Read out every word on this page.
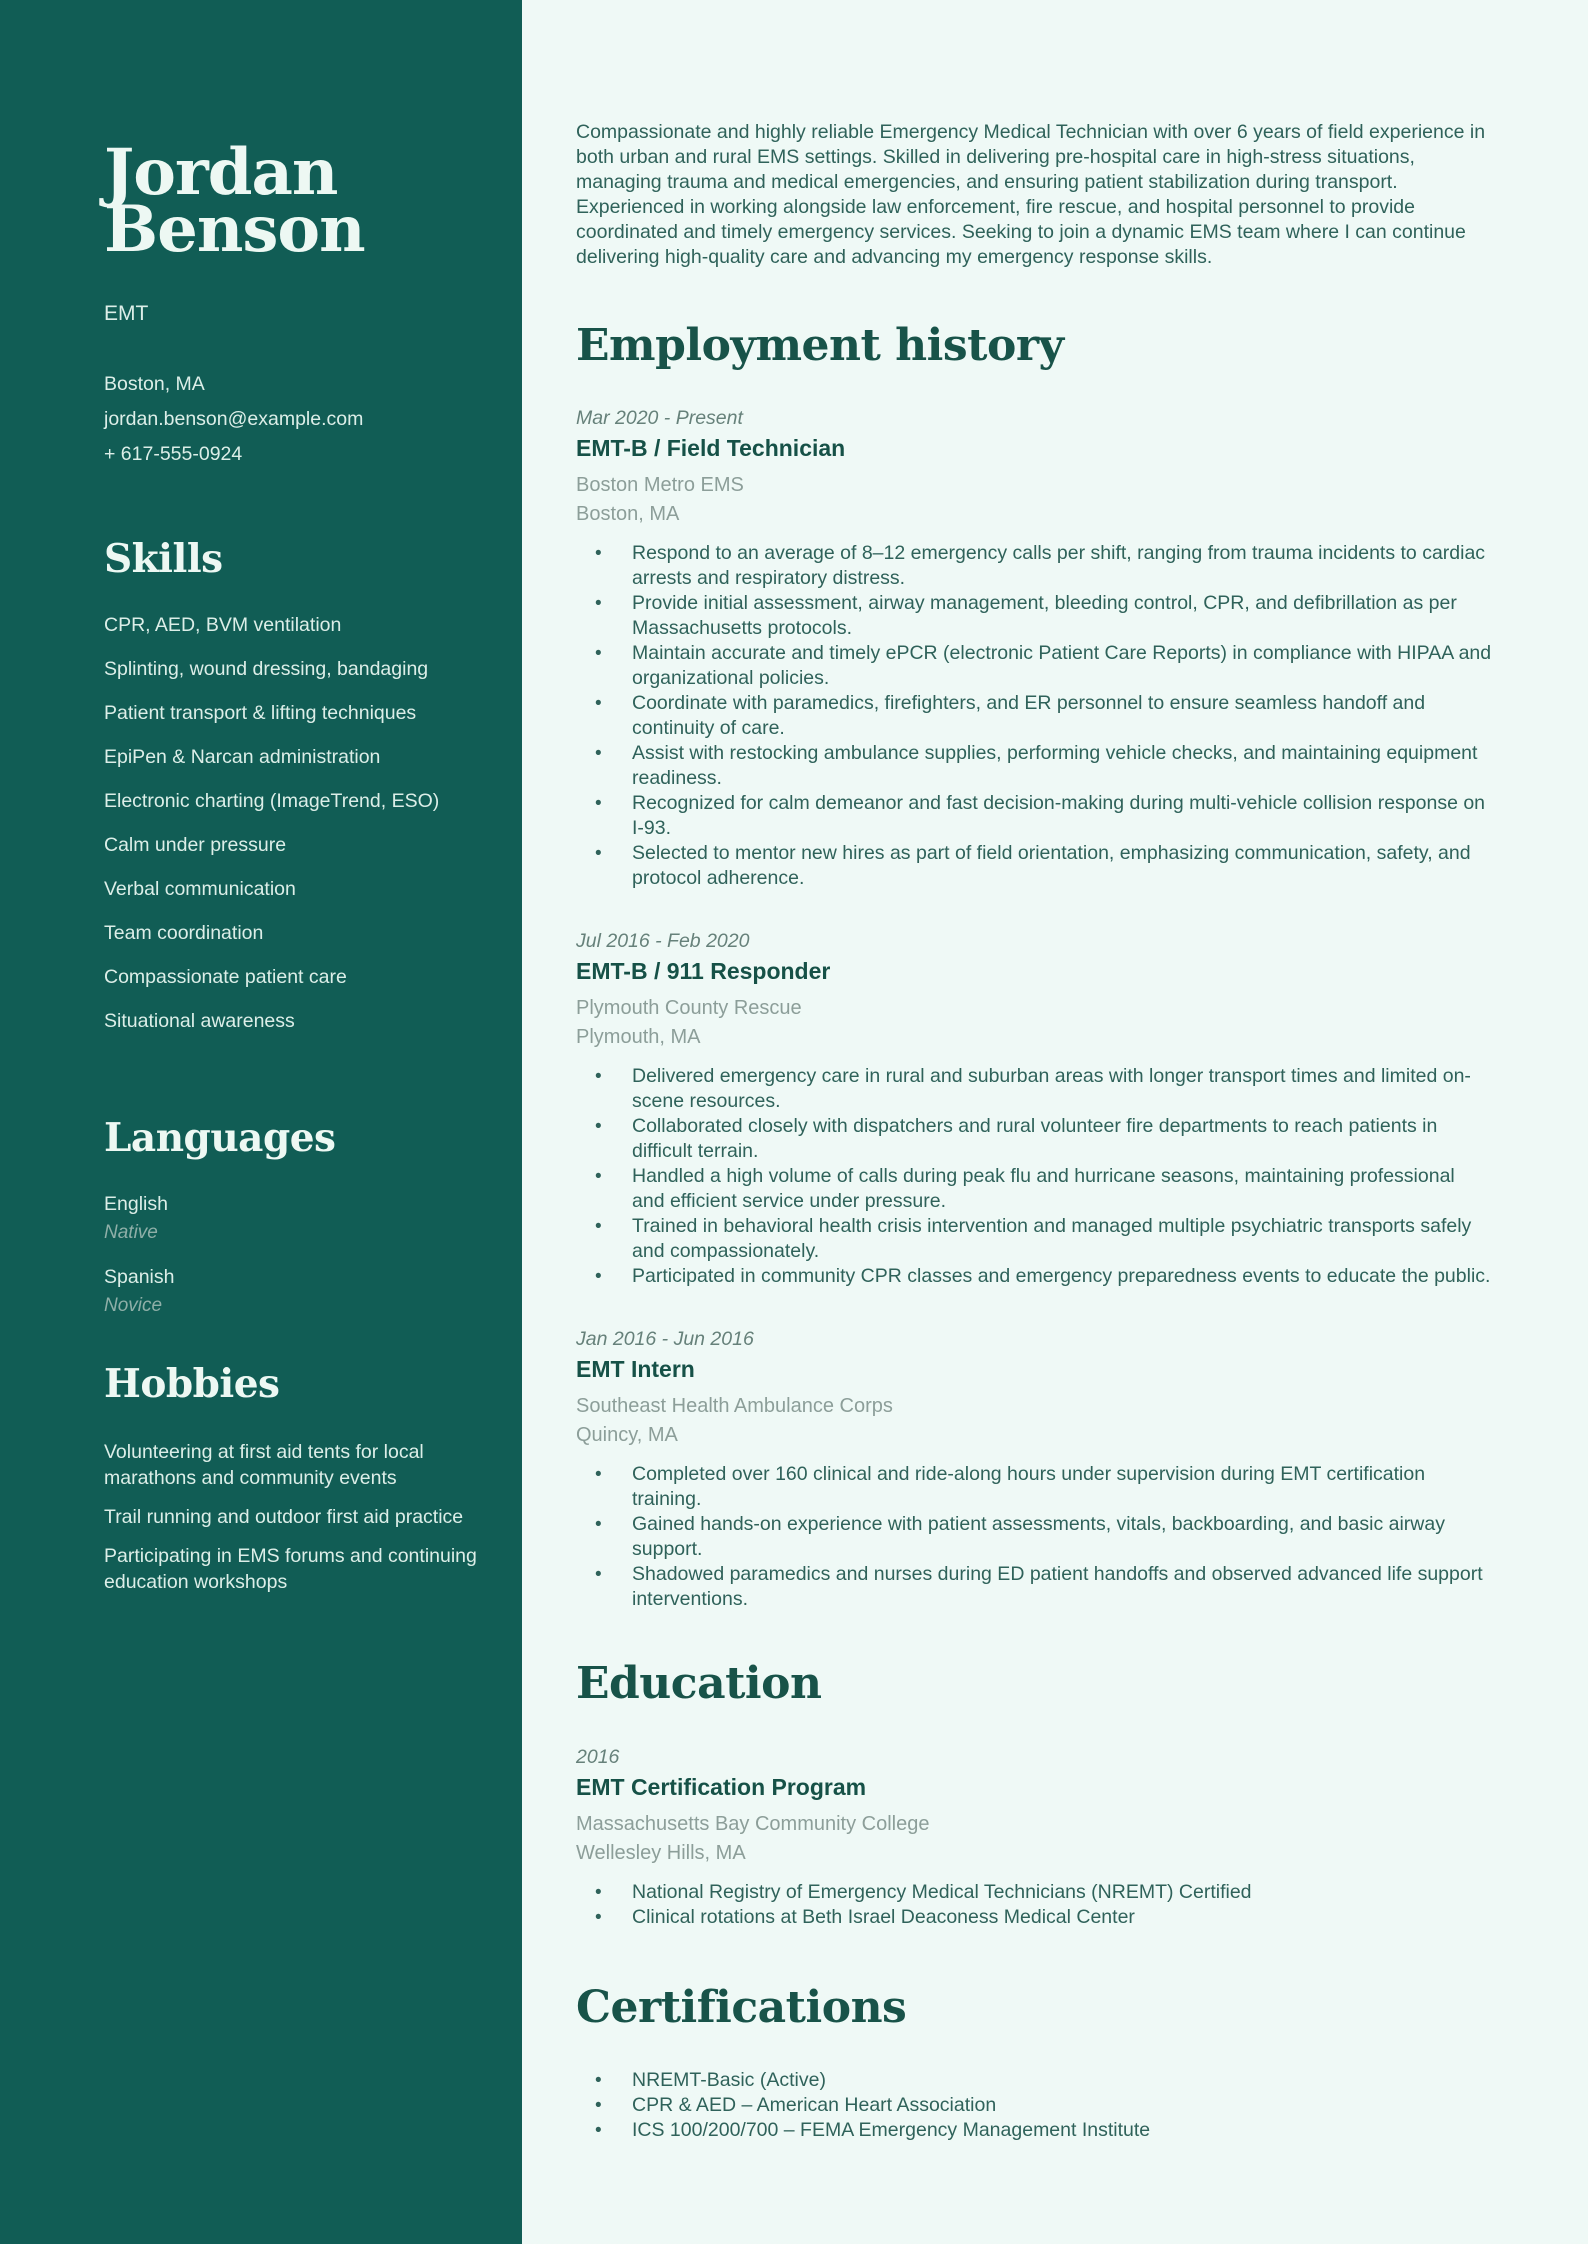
Jordan
Benson
EMT
Boston, MA
jordan.benson@example.com
+ 617-555-0924
Skills
CPR, AED, BVM ventilation
Splinting, wound dressing, bandaging
Patient transport & lifting techniques
EpiPen & Narcan administration
Electronic charting (ImageTrend, ESO)
Calm under pressure
Verbal communication
Team coordination
Compassionate patient care
Situational awareness
Languages
English
Native
Spanish
Novice
Hobbies
Volunteering at first aid tents for local marathons and community events
Trail running and outdoor first aid practice
Participating in EMS forums and continuing education workshops

Compassionate and highly reliable Emergency Medical Technician with over 6 years of field experience in both urban and rural EMS settings. Skilled in delivering pre-hospital care in high-stress situations, managing trauma and medical emergencies, and ensuring patient stabilization during transport. Experienced in working alongside law enforcement, fire rescue, and hospital personnel to provide coordinated and timely emergency services. Seeking to join a dynamic EMS team where I can continue delivering high-quality care and advancing my emergency response skills.

Employment history
Mar 2020 - Present
EMT-B / Field Technician
Boston Metro EMS
Boston, MA
• Respond to an average of 8–12 emergency calls per shift, ranging from trauma incidents to cardiac arrests and respiratory distress.
• Provide initial assessment, airway management, bleeding control, CPR, and defibrillation as per Massachusetts protocols.
• Maintain accurate and timely ePCR (electronic Patient Care Reports) in compliance with HIPAA and organizational policies.
• Coordinate with paramedics, firefighters, and ER personnel to ensure seamless handoff and continuity of care.
• Assist with restocking ambulance supplies, performing vehicle checks, and maintaining equipment readiness.
• Recognized for calm demeanor and fast decision-making during multi-vehicle collision response on I-93.
• Selected to mentor new hires as part of field orientation, emphasizing communication, safety, and protocol adherence.
Jul 2016 - Feb 2020
EMT-B / 911 Responder
Plymouth County Rescue
Plymouth, MA
• Delivered emergency care in rural and suburban areas with longer transport times and limited on-scene resources.
• Collaborated closely with dispatchers and rural volunteer fire departments to reach patients in difficult terrain.
• Handled a high volume of calls during peak flu and hurricane seasons, maintaining professional and efficient service under pressure.
• Trained in behavioral health crisis intervention and managed multiple psychiatric transports safely and compassionately.
• Participated in community CPR classes and emergency preparedness events to educate the public.
Jan 2016 - Jun 2016
EMT Intern
Southeast Health Ambulance Corps
Quincy, MA
• Completed over 160 clinical and ride-along hours under supervision during EMT certification training.
• Gained hands-on experience with patient assessments, vitals, backboarding, and basic airway support.
• Shadowed paramedics and nurses during ED patient handoffs and observed advanced life support interventions.
Education
2016
EMT Certification Program
Massachusetts Bay Community College
Wellesley Hills, MA
• National Registry of Emergency Medical Technicians (NREMT) Certified
• Clinical rotations at Beth Israel Deaconess Medical Center
Certifications
• NREMT-Basic (Active)
• CPR & AED – American Heart Association
• ICS 100/200/700 – FEMA Emergency Management Institute
